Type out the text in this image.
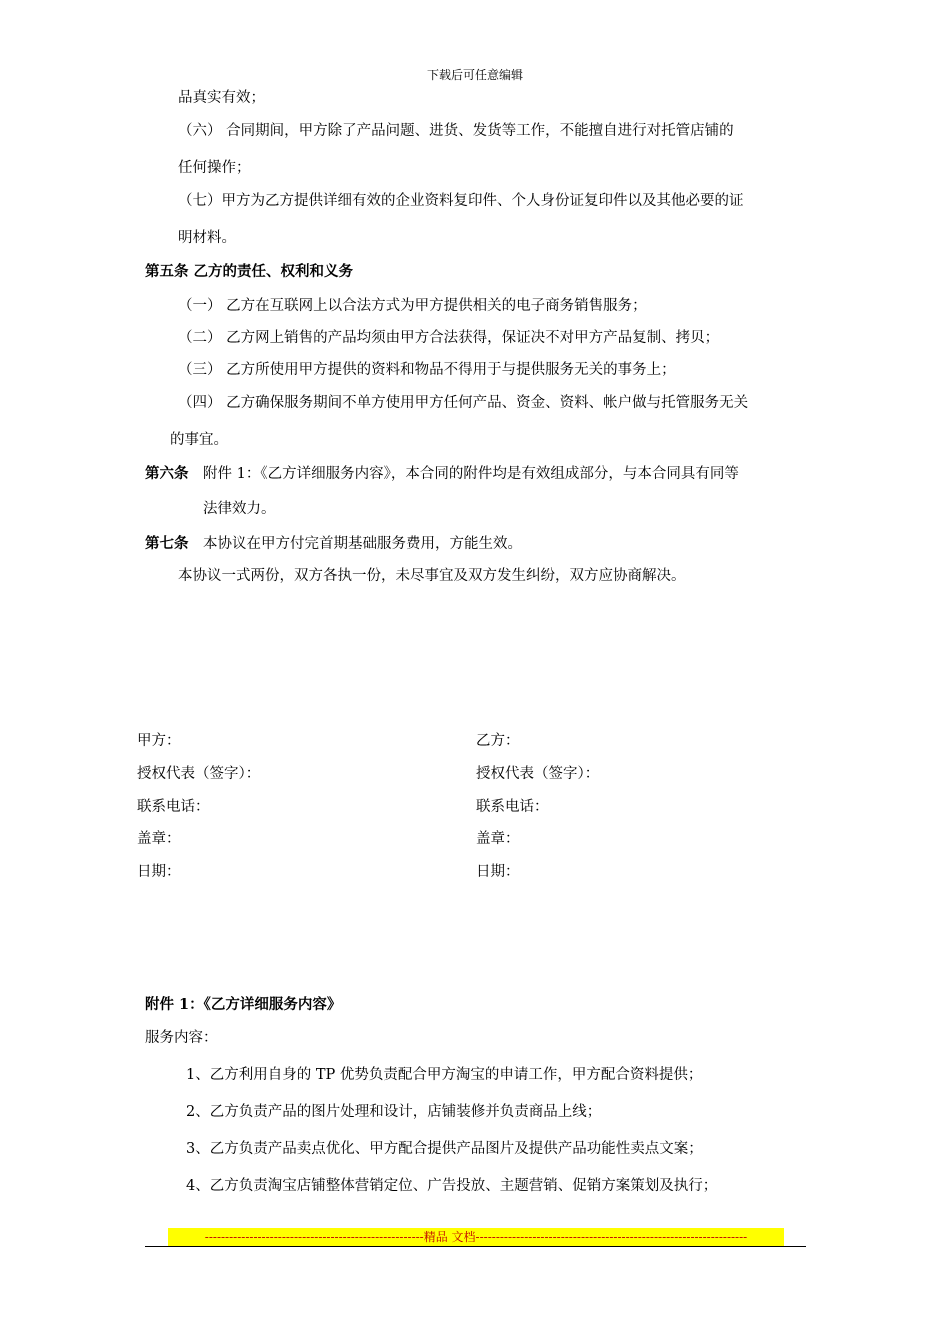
下载后可任意编辑
品真实有效；
（六） 合同期间，甲方除了产品问题、进货、发货等工作，不能擅自进行对托管店铺的
任何操作；
（七）甲方为乙方提供详细有效的企业资料复印件、个人身份证复印件以及其他必要的证
明材料。
第五条 乙方的责任、权利和义务
（一） 乙方在互联网上以合法方式为甲方提供相关的电子商务销售服务；
（二） 乙方网上销售的产品均须由甲方合法获得，保证决不对甲方产品复制、拷贝；
（三） 乙方所使用甲方提供的资料和物品不得用于与提供服务无关的事务上；
（四） 乙方确保服务期间不单方使用甲方任何产品、资金、资料、帐户做与托管服务无关
的事宜。
第六条 附件 1：《乙方详细服务内容》，本合同的附件均是有效组成部分，与本合同具有同等
法律效力。
第七条 本协议在甲方付完首期基础服务费用，方能生效。
本协议一式两份，双方各执一份，未尽事宜及双方发生纠纷，双方应协商解决。
甲方：
授权代表（签字）：
联系电话：
盖章：
日期：
乙方：
授权代表（签字）：
联系电话：
盖章：
日期：
附件 1：《乙方详细服务内容》
服务内容：
1、乙方利用自身的 TP 优势负责配合甲方淘宝的申请工作，甲方配合资料提供；
2、乙方负责产品的图片处理和设计，店铺装修并负责商品上线；
3、乙方负责产品卖点优化、甲方配合提供产品图片及提供产品功能性卖点文案；
4、乙方负责淘宝店铺整体营销定位、广告投放、主题营销、促销方案策划及执行；
------------------------------------------------------精品 文档-------------------------------------------------------------------
